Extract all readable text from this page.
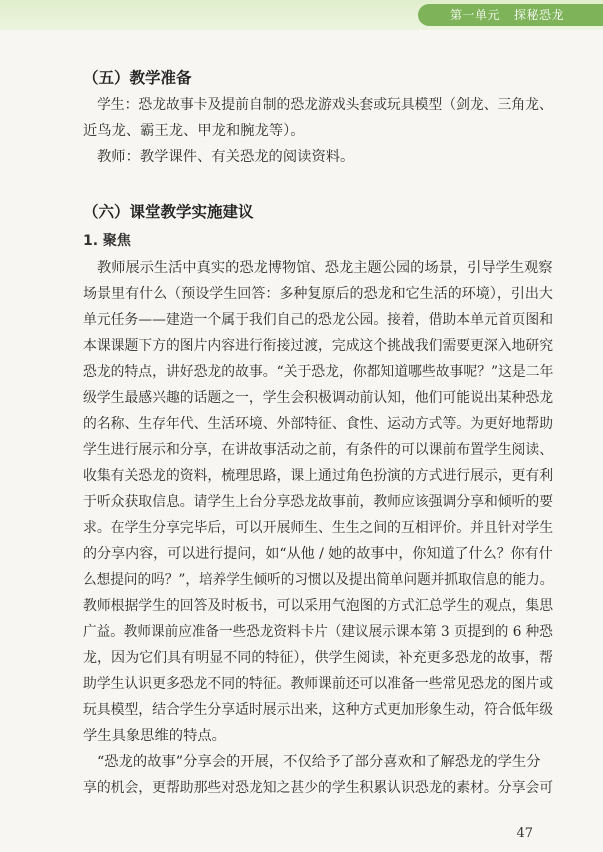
第一单元 探秘恐龙
（五）教学准备
学生：恐龙故事卡及提前自制的恐龙游戏头套或玩具模型（剑龙、三角龙、
近鸟龙、霸王龙、甲龙和腕龙等）。
教师：教学课件、有关恐龙的阅读资料。
（六）课堂教学实施建议
1. 聚焦
教师展示生活中真实的恐龙博物馆、恐龙主题公园的场景，引导学生观察
场景里有什么（预设学生回答：多种复原后的恐龙和它生活的环境），引出大
单元任务——建造一个属于我们自己的恐龙公园。接着，借助本单元首页图和
本课课题下方的图片内容进行衔接过渡，完成这个挑战我们需要更深入地研究
恐龙的特点，讲好恐龙的故事。“关于恐龙，你都知道哪些故事呢？”这是二年
级学生最感兴趣的话题之一，学生会积极调动前认知，他们可能说出某种恐龙
的名称、生存年代、生活环境、外部特征、食性、运动方式等。为更好地帮助
学生进行展示和分享，在讲故事活动之前，有条件的可以课前布置学生阅读、
收集有关恐龙的资料，梳理思路，课上通过角色扮演的方式进行展示，更有利
于听众获取信息。请学生上台分享恐龙故事前，教师应该强调分享和倾听的要
求。在学生分享完毕后，可以开展师生、生生之间的互相评价。并且针对学生
的分享内容，可以进行提问，如“从他 / 她的故事中，你知道了什么？你有什
么想提问的吗？”，培养学生倾听的习惯以及提出简单问题并抓取信息的能力。
教师根据学生的回答及时板书，可以采用气泡图的方式汇总学生的观点，集思
广益。教师课前应准备一些恐龙资料卡片（建议展示课本第 3 页提到的 6 种恐
龙，因为它们具有明显不同的特征），供学生阅读，补充更多恐龙的故事，帮
助学生认识更多恐龙不同的特征。教师课前还可以准备一些常见恐龙的图片或
玩具模型，结合学生分享适时展示出来，这种方式更加形象生动，符合低年级
学生具象思维的特点。
“恐龙的故事”分享会的开展，不仅给予了部分喜欢和了解恐龙的学生分
享的机会，更帮助那些对恐龙知之甚少的学生积累认识恐龙的素材。分享会可
47
